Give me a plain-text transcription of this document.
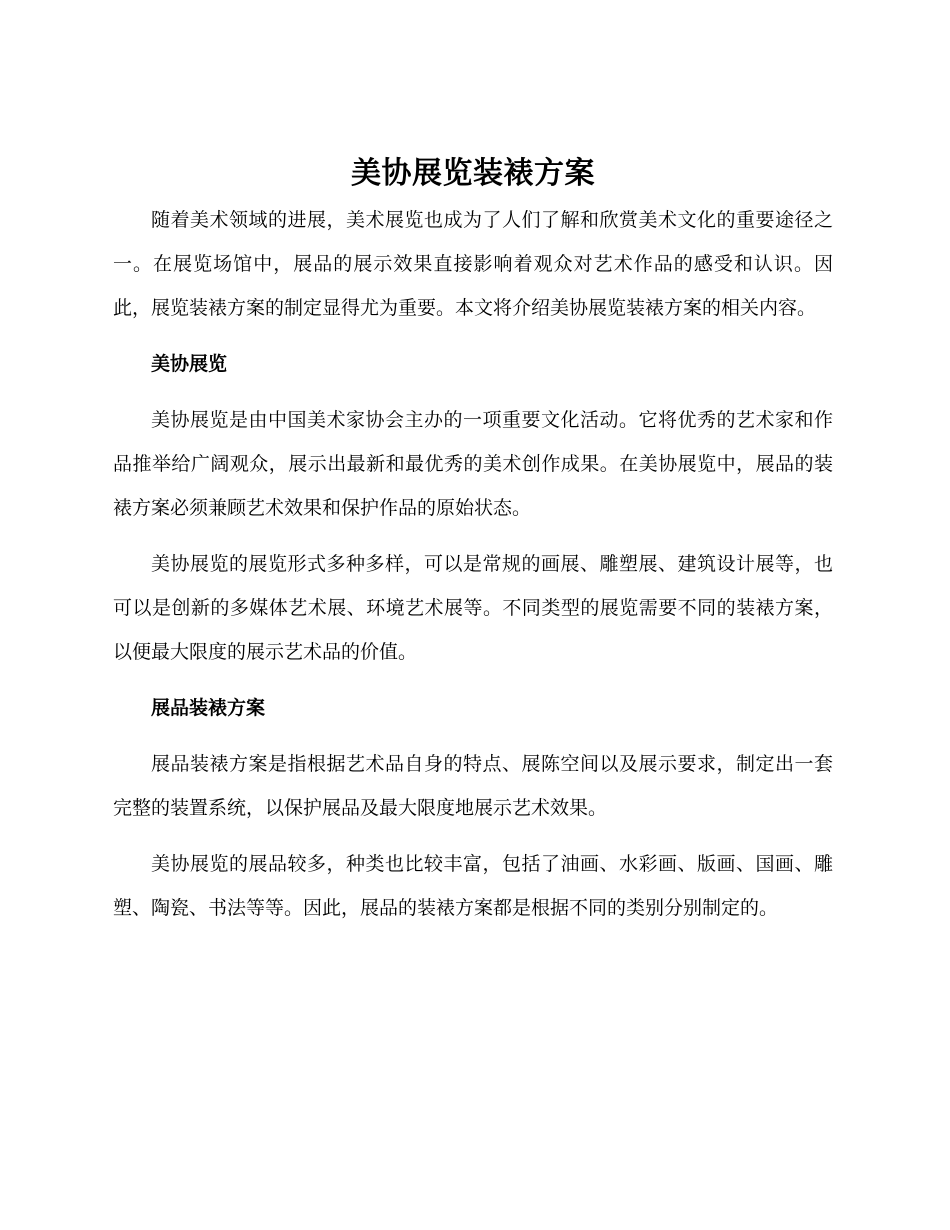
美协展览装裱方案

随着美术领域的进展，美术展览也成为了人们了解和欣赏美术文化的重要途径之一。在展览场馆中，展品的展示效果直接影响着观众对艺术作品的感受和认识。因此，展览装裱方案的制定显得尤为重要。本文将介绍美协展览装裱方案的相关内容。

美协展览

美协展览是由中国美术家协会主办的一项重要文化活动。它将优秀的艺术家和作品推举给广阔观众，展示出最新和最优秀的美术创作成果。在美协展览中，展品的装裱方案必须兼顾艺术效果和保护作品的原始状态。

美协展览的展览形式多种多样，可以是常规的画展、雕塑展、建筑设计展等，也可以是创新的多媒体艺术展、环境艺术展等。不同类型的展览需要不同的装裱方案，以便最大限度的展示艺术品的价值。

展品装裱方案

展品装裱方案是指根据艺术品自身的特点、展陈空间以及展示要求，制定出一套完整的装置系统，以保护展品及最大限度地展示艺术效果。

美协展览的展品较多，种类也比较丰富，包括了油画、水彩画、版画、国画、雕塑、陶瓷、书法等等。因此，展品的装裱方案都是根据不同的类别分别制定的。
